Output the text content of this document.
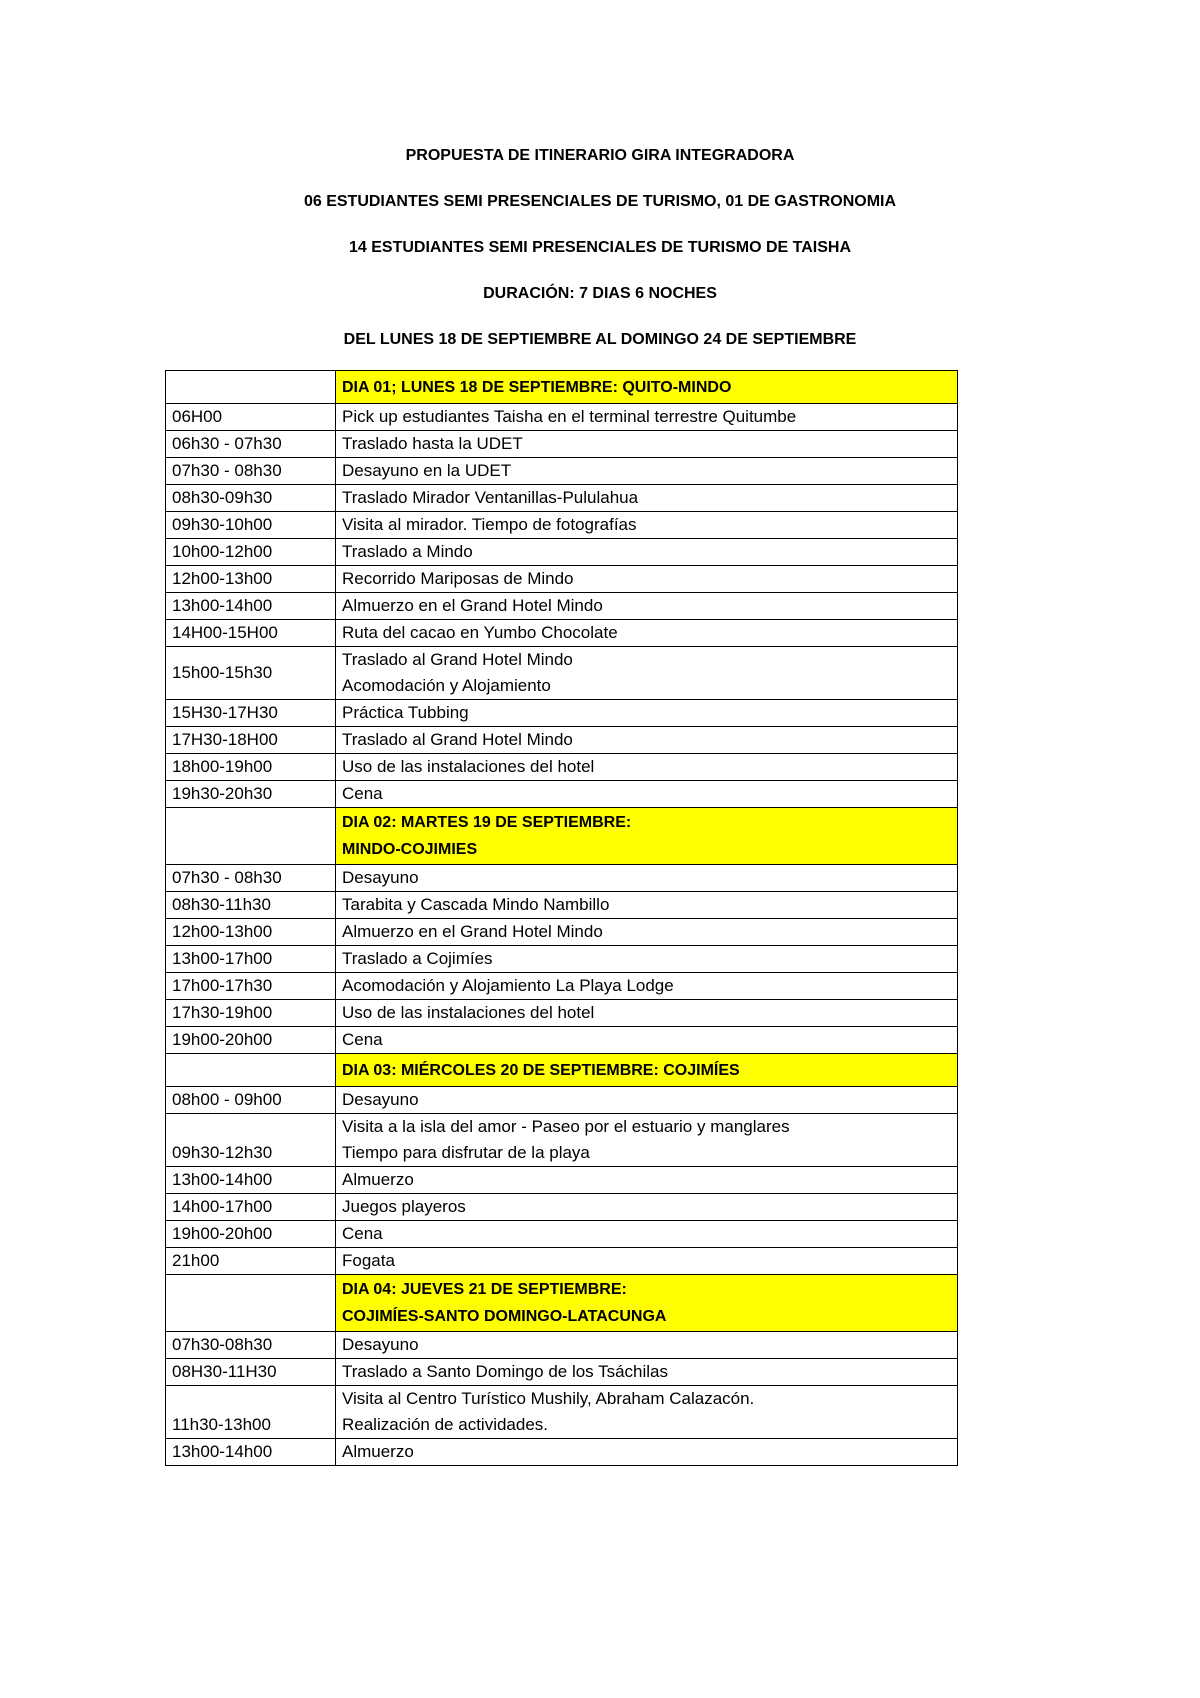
PROPUESTA DE ITINERARIO GIRA INTEGRADORA
06 ESTUDIANTES SEMI PRESENCIALES DE TURISMO, 01 DE GASTRONOMIA
14 ESTUDIANTES SEMI PRESENCIALES DE TURISMO DE TAISHA
DURACIÓN: 7 DIAS 6 NOCHES
DEL LUNES 18 DE SEPTIEMBRE AL DOMINGO 24 DE SEPTIEMBRE

	DIA 01; LUNES 18 DE SEPTIEMBRE: QUITO-MINDO

06H00	Pick up estudiantes Taisha en el terminal terrestre Quitumbe

06h30 - 07h30	Traslado hasta la UDET

07h30 - 08h30	Desayuno en la UDET

08h30-09h30	Traslado Mirador Ventanillas-Pululahua

09h30-10h00	Visita al mirador. Tiempo de fotografías

10h00-12h00	Traslado a Mindo

12h00-13h00	Recorrido Mariposas de Mindo

13h00-14h00	Almuerzo en el Grand Hotel Mindo

14H00-15H00	Ruta del cacao en Yumbo Chocolate

15h00-15h30	Traslado al Grand Hotel Mindo
Acomodación y Alojamiento

15H30-17H30	Práctica Tubbing

17H30-18H00	Traslado al Grand Hotel Mindo

18h00-19h00	Uso de las instalaciones del hotel

19h30-20h30	Cena

	DIA 02: MARTES 19 DE SEPTIEMBRE:
MINDO-COJIMIES

07h30 - 08h30	Desayuno

08h30-11h30	Tarabita y Cascada Mindo Nambillo

12h00-13h00	Almuerzo en el Grand Hotel Mindo

13h00-17h00	Traslado a Cojimíes

17h00-17h30	Acomodación y Alojamiento La Playa Lodge

17h30-19h00	Uso de las instalaciones del hotel

19h00-20h00	Cena

	DIA 03: MIÉRCOLES 20 DE SEPTIEMBRE: COJIMÍES

08h00 - 09h00	Desayuno

09h30-12h30	Visita a la isla del amor - Paseo por el estuario y manglares
Tiempo para disfrutar de la playa

13h00-14h00	Almuerzo

14h00-17h00	Juegos playeros

19h00-20h00	Cena

21h00	Fogata

	DIA 04: JUEVES 21 DE SEPTIEMBRE:
COJIMÍES-SANTO DOMINGO-LATACUNGA

07h30-08h30	Desayuno

08H30-11H30	Traslado a Santo Domingo de los Tsáchilas

11h30-13h00	Visita al Centro Turístico Mushily, Abraham Calazacón.
Realización de actividades.

13h00-14h00	Almuerzo
